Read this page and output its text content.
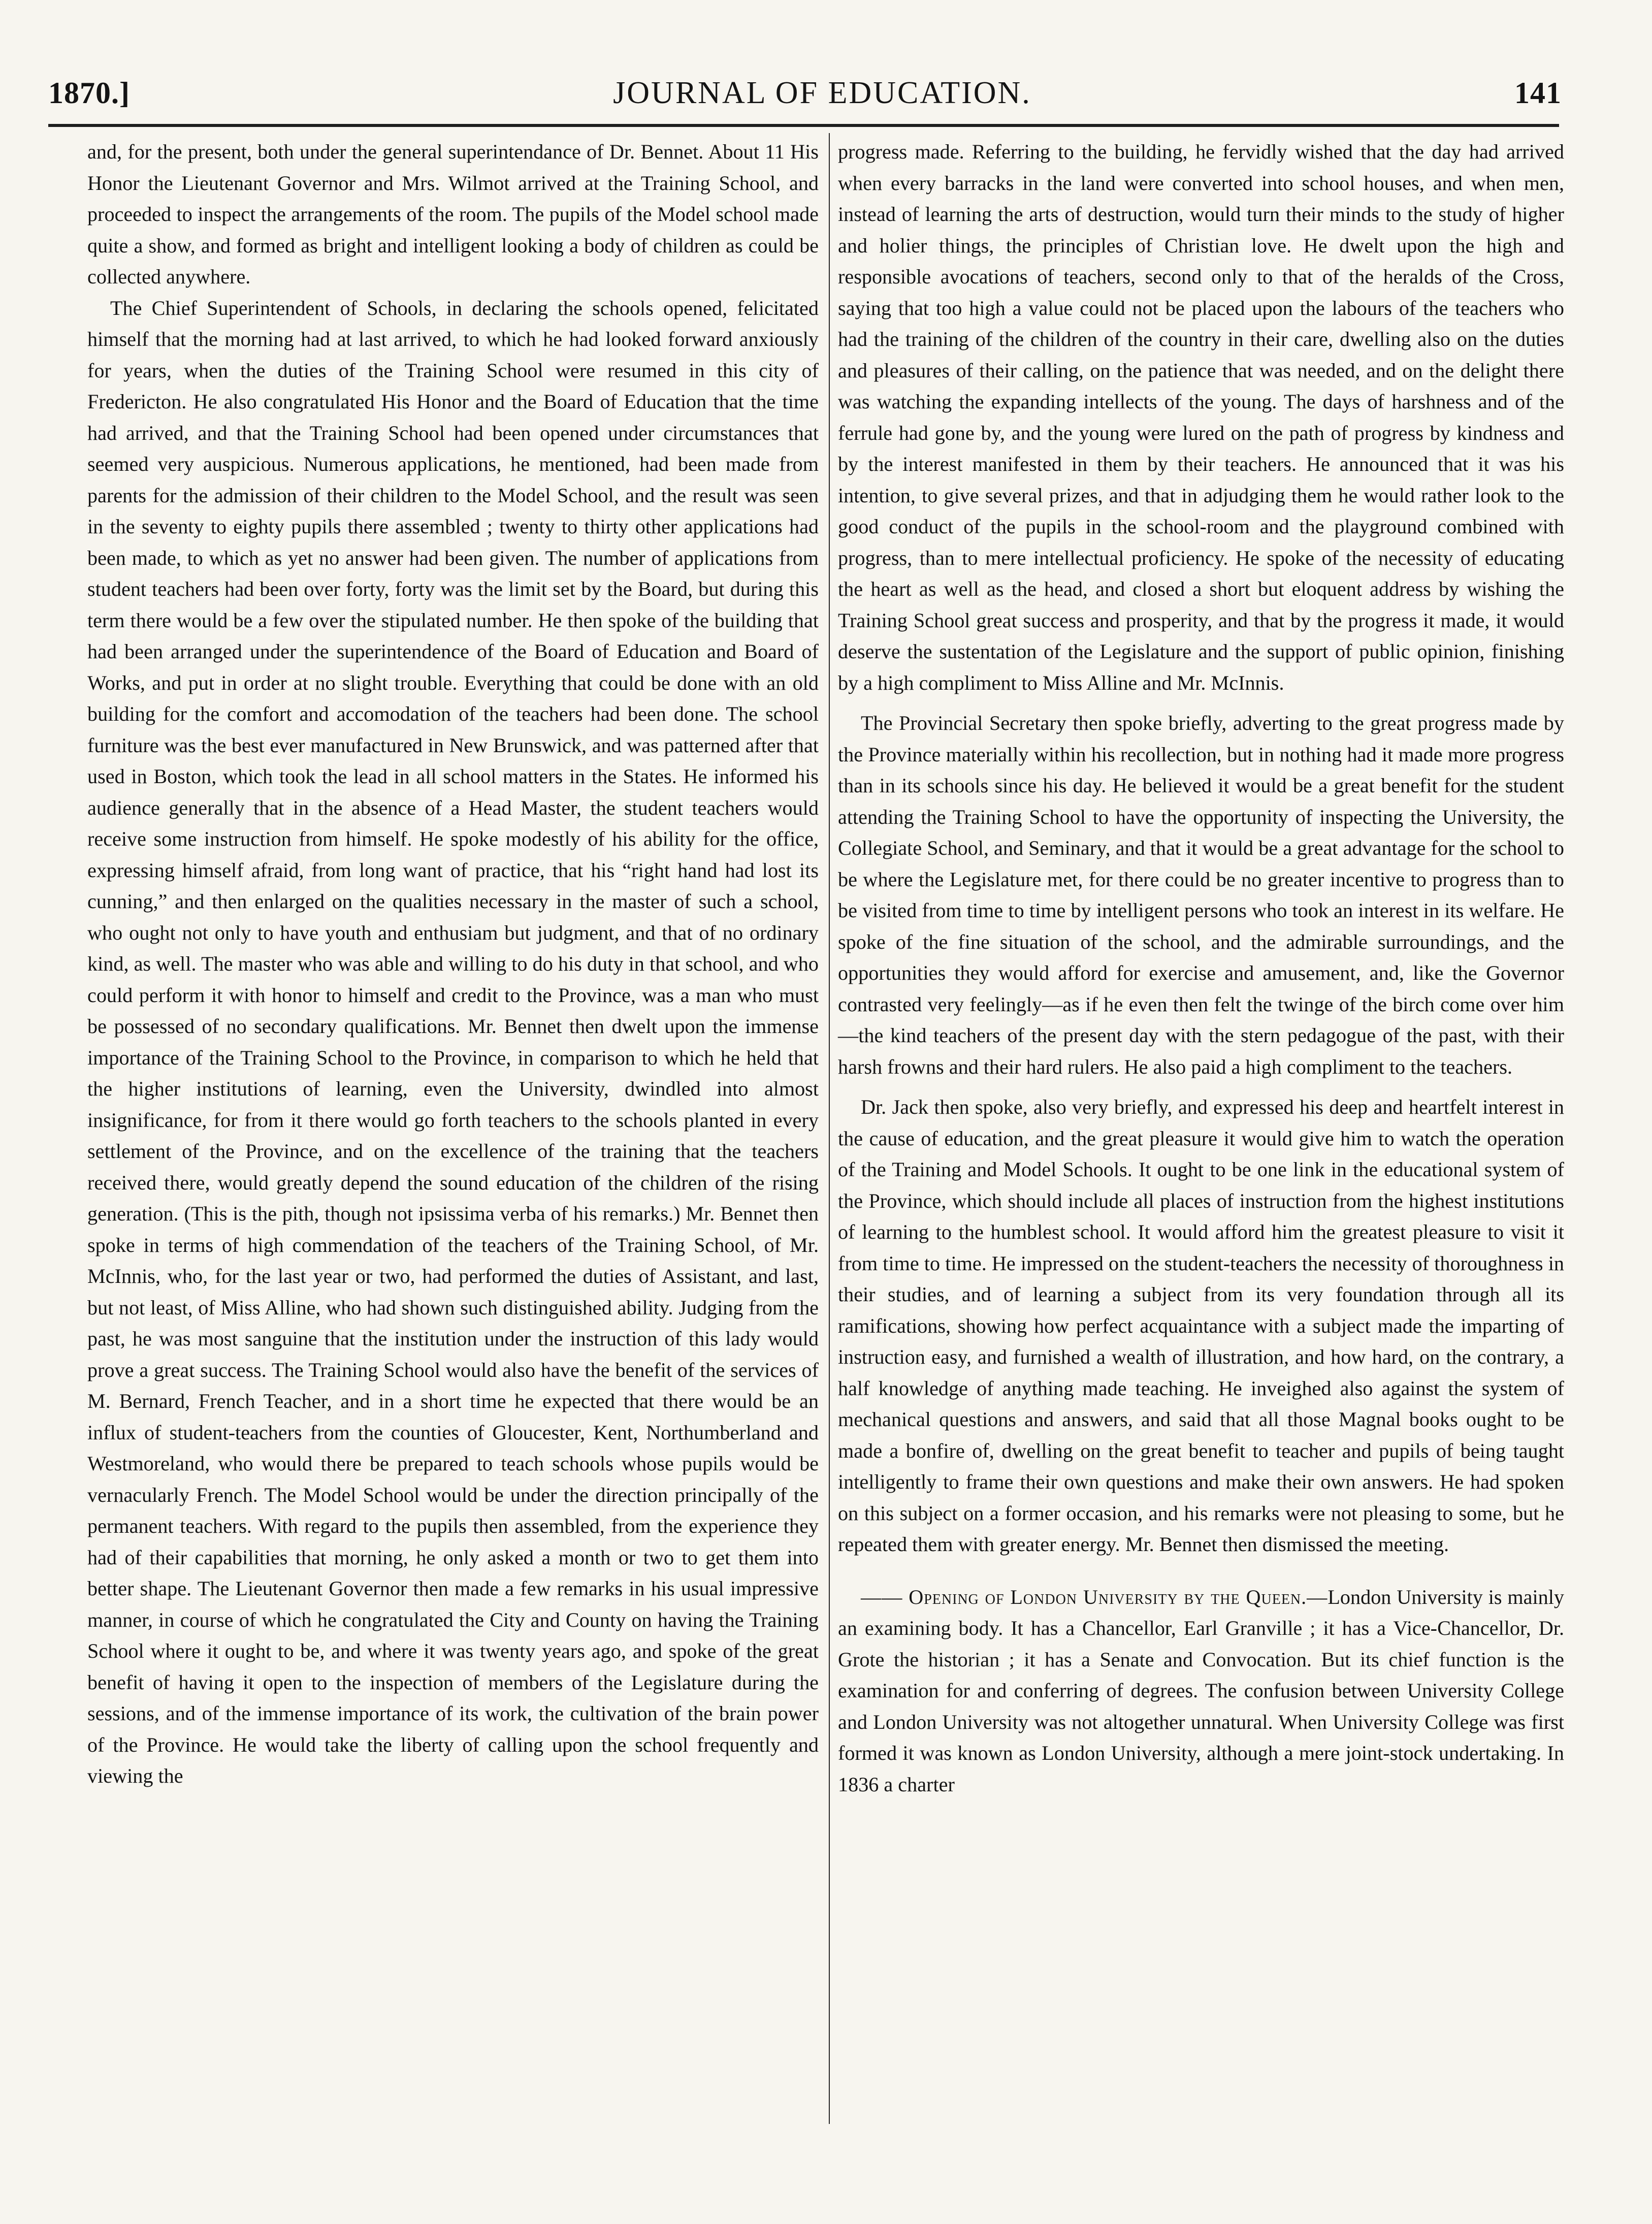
1870.]	JOURNAL OF EDUCATION.	141

and, for the present, both under the general superintendance of Dr. Bennet. About 11 His Honor the Lieutenant Governor and Mrs. Wilmot arrived at the Training School, and proceeded to inspect the arrangements of the room. The pupils of the Model school made quite a show, and formed as bright and intelligent looking a body of children as could be collected anywhere.

The Chief Superintendent of Schools, in declaring the schools opened, felicitated himself that the morning had at last arrived, to which he had looked forward anxiously for years, when the duties of the Training School were resumed in this city of Fredericton. He also congratulated His Honor and the Board of Education that the time had arrived, and that the Training School had been opened under circumstances that seemed very auspicious. Numerous applications, he mentioned, had been made from parents for the admission of their children to the Model School, and the result was seen in the seventy to eighty pupils there assembled ; twenty to thirty other applications had been made, to which as yet no answer had been given. The number of applications from student teachers had been over forty, forty was the limit set by the Board, but during this term there would be a few over the stipulated number. He then spoke of the building that had been arranged under the superintendence of the Board of Education and Board of Works, and put in order at no slight trouble. Everything that could be done with an old building for the comfort and accomodation of the teachers had been done. The school furniture was the best ever manufactured in New Brunswick, and was patterned after that used in Boston, which took the lead in all school matters in the States. He informed his audience generally that in the absence of a Head Master, the student teachers would receive some instruction from himself. He spoke modestly of his ability for the office, expressing himself afraid, from long want of practice, that his “right hand had lost its cunning,” and then enlarged on the qualities necessary in the master of such a school, who ought not only to have youth and enthusiam but judgment, and that of no ordinary kind, as well. The master who was able and willing to do his duty in that school, and who could perform it with honor to himself and credit to the Province, was a man who must be possessed of no secondary qualifications. Mr. Bennet then dwelt upon the immense importance of the Training School to the Province, in comparison to which he held that the higher institutions of learning, even the University, dwindled into almost insignificance, for from it there would go forth teachers to the schools planted in every settlement of the Province, and on the excellence of the training that the teachers received there, would greatly depend the sound education of the children of the rising generation. (This is the pith, though not ipsissima verba of his remarks.) Mr. Bennet then spoke in terms of high commendation of the teachers of the Training School, of Mr. McInnis, who, for the last year or two, had performed the duties of Assistant, and last, but not least, of Miss Alline, who had shown such distinguished ability. Judging from the past, he was most sanguine that the institution under the instruction of this lady would prove a great success. The Training School would also have the benefit of the services of M. Bernard, French Teacher, and in a short time he expected that there would be an influx of student-teachers from the counties of Gloucester, Kent, Northumberland and Westmoreland, who would there be prepared to teach schools whose pupils would be vernacularly French. The Model School would be under the direction principally of the permanent teachers. With regard to the pupils then assembled, from the experience they had of their capabilities that morning, he only asked a month or two to get them into better shape. The Lieutenant Governor then made a few remarks in his usual impressive manner, in course of which he congratulated the City and County on having the Training School where it ought to be, and where it was twenty years ago, and spoke of the great benefit of having it open to the inspection of members of the Legislature during the sessions, and of the immense importance of its work, the cultivation of the brain power of the Province. He would take the liberty of calling upon the school frequently and viewing the

progress made. Referring to the building, he fervidly wished that the day had arrived when every barracks in the land were converted into school houses, and when men, instead of learning the arts of destruction, would turn their minds to the study of higher and holier things, the principles of Christian love. He dwelt upon the high and responsible avocations of teachers, second only to that of the heralds of the Cross, saying that too high a value could not be placed upon the labours of the teachers who had the training of the children of the country in their care, dwelling also on the duties and pleasures of their calling, on the patience that was needed, and on the delight there was watching the expanding intellects of the young. The days of harshness and of the ferrule had gone by, and the young were lured on the path of progress by kindness and by the interest manifested in them by their teachers. He announced that it was his intention, to give several prizes, and that in adjudging them he would rather look to the good conduct of the pupils in the school-room and the playground combined with progress, than to mere intellectual proficiency. He spoke of the necessity of educating the heart as well as the head, and closed a short but eloquent address by wishing the Training School great success and prosperity, and that by the progress it made, it would deserve the sustentation of the Legislature and the support of public opinion, finishing by a high compliment to Miss Alline and Mr. McInnis.

The Provincial Secretary then spoke briefly, adverting to the great progress made by the Province materially within his recollection, but in nothing had it made more progress than in its schools since his day. He believed it would be a great benefit for the student attending the Training School to have the opportunity of inspecting the University, the Collegiate School, and Seminary, and that it would be a great advantage for the school to be where the Legislature met, for there could be no greater incentive to progress than to be visited from time to time by intelligent persons who took an interest in its welfare. He spoke of the fine situation of the school, and the admirable surroundings, and the opportunities they would afford for exercise and amusement, and, like the Governor contrasted very feelingly—as if he even then felt the twinge of the birch come over him—the kind teachers of the present day with the stern pedagogue of the past, with their harsh frowns and their hard rulers. He also paid a high compliment to the teachers.

Dr. Jack then spoke, also very briefly, and expressed his deep and heartfelt interest in the cause of education, and the great pleasure it would give him to watch the operation of the Training and Model Schools. It ought to be one link in the educational system of the Province, which should include all places of instruction from the highest institutions of learning to the humblest school. It would afford him the greatest pleasure to visit it from time to time. He impressed on the student-teachers the necessity of thoroughness in their studies, and of learning a subject from its very foundation through all its ramifications, showing how perfect acquaintance with a subject made the imparting of instruction easy, and furnished a wealth of illustration, and how hard, on the contrary, a half knowledge of anything made teaching. He inveighed also against the system of mechanical questions and answers, and said that all those Magnal books ought to be made a bonfire of, dwelling on the great benefit to teacher and pupils of being taught intelligently to frame their own questions and make their own answers. He had spoken on this subject on a former occasion, and his remarks were not pleasing to some, but he repeated them with greater energy. Mr. Bennet then dismissed the meeting.

—— Opening of London University by the Queen.—London University is mainly an examining body. It has a Chancellor, Earl Granville ; it has a Vice-Chancellor, Dr. Grote the historian ; it has a Senate and Convocation. But its chief function is the examination for and conferring of degrees. The confusion between University College and London University was not altogether unnatural. When University College was first formed it was known as London University, although a mere joint-stock undertaking. In 1836 a charter
